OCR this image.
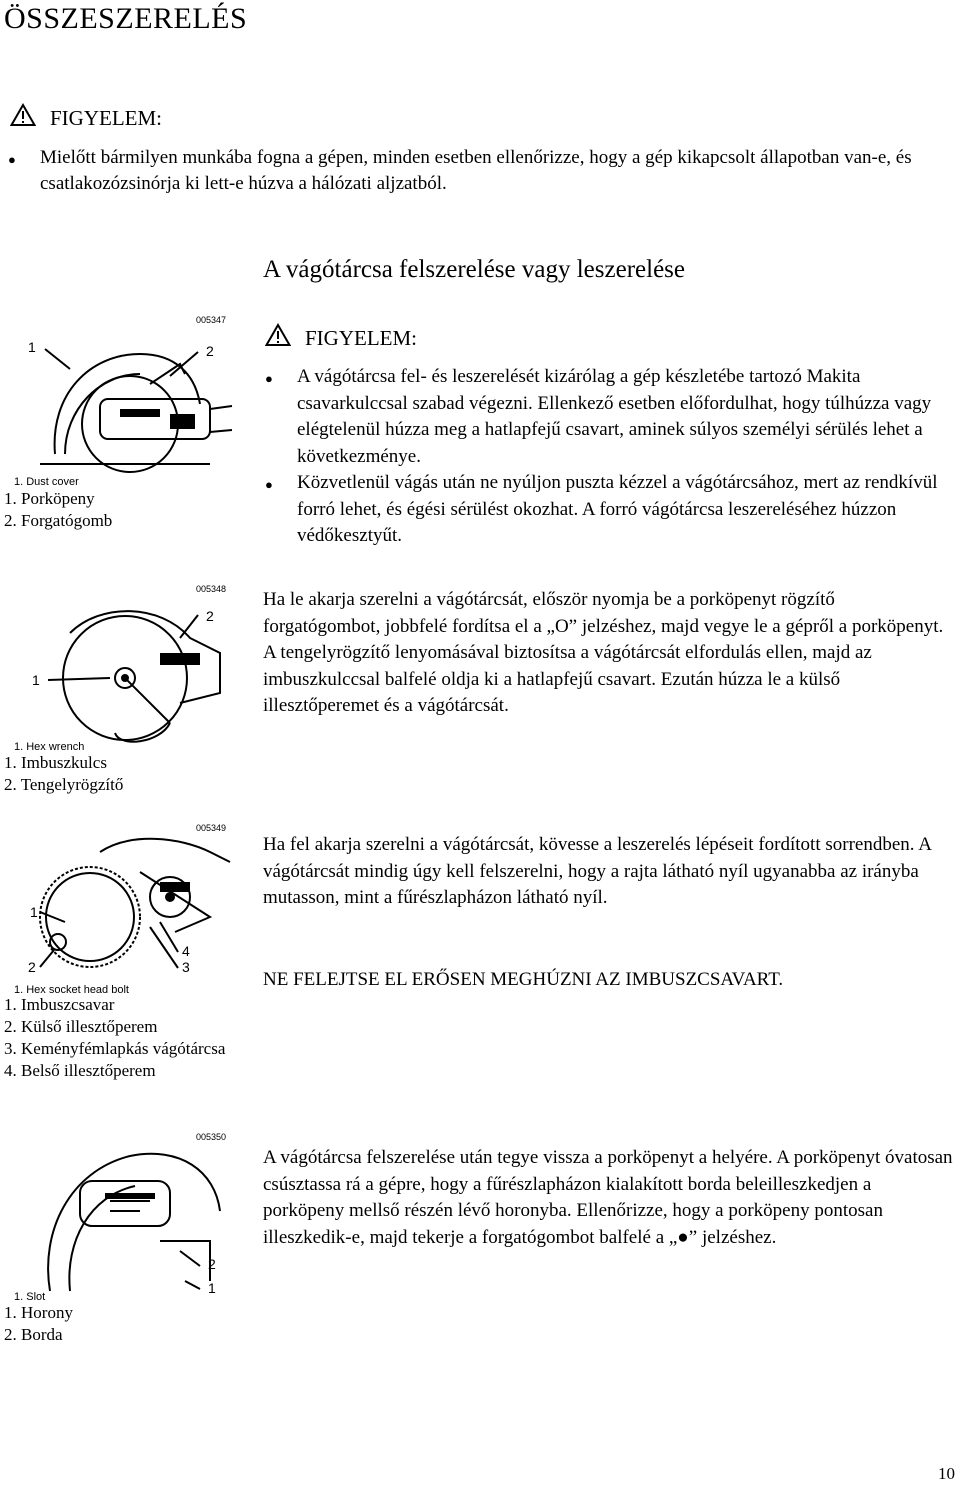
ÖSSZESZERELÉS
FIGYELEM:
● Mielőtt bármilyen munkába fogna a gépen, minden esetben ellenőrizze, hogy a gép kikapcsolt állapotban van-e, és csatlakozózsinórja ki lett-e húzva a hálózati aljzatból.
A vágótárcsa felszerelése vagy leszerelése
FIGYELEM:
● A vágótárcsa fel- és leszerelését kizárólag a gép készletébe tartozó Makita csavarkulccsal szabad végezni. Ellenkező esetben előfordulhat, hogy túlhúzza vagy elégtelenül húzza meg a hatlapfejű csavart, aminek súlyos személyi sérülés lehet a következménye.
● Közvetlenül vágás után ne nyúljon puszta kézzel a vágótárcsához, mert az rendkívül forró lehet, és égési sérülést okozhat. A forró vágótárcsa leszereléséhez húzzon védőkesztyűt.
Ha le akarja szerelni a vágótárcsát, először nyomja be a porköpenyt rögzítő forgatógombot, jobbfelé fordítsa el a „O” jelzéshez, majd vegye le a gépről a porköpenyt. A tengelyrögzítő lenyomásával biztosítsa a vágótárcsát elfordulás ellen, majd az imbuszkulccsal balfelé oldja ki a hatlapfejű csavart. Ezután húzza le a külső illesztőperemet és a vágótárcsát.
Ha fel akarja szerelni a vágótárcsát, kövesse a leszerelés lépéseit fordított sorrendben. A vágótárcsát mindig úgy kell felszerelni, hogy a rajta látható nyíl ugyanabba az irányba mutasson, mint a fűrészlapházon látható nyíl.
NE FELEJTSE EL ERŐSEN MEGHÚZNI AZ IMBUSZCSAVART.
A vágótárcsa felszerelése után tegye vissza a porköpenyt a helyére. A porköpenyt óvatosan csúsztassa rá a gépre, hogy a fűrészlapházon kialakított borda beleilleszkedjen a porköpeny mellső részén lévő horonyba. Ellenőrizze, hogy a porköpeny pontosan illeszkedik-e, majd tekerje a forgatógombot balfelé a „●” jelzéshez.
005347
1	2
1. Dust cover
1. Porköpeny
2. Forgatógomb
005348
2
1
1. Hex wrench
1. Imbuszkulcs
2. Tengelyrögzítő
005349
1
2
4
3
1. Hex socket head bolt
1. Imbuszcsavar
2. Külső illesztőperem
3. Keményfémlapkás vágótárcsa
4. Belső illesztőperem
005350
2
1
1. Slot
1. Horony
2. Borda
10
